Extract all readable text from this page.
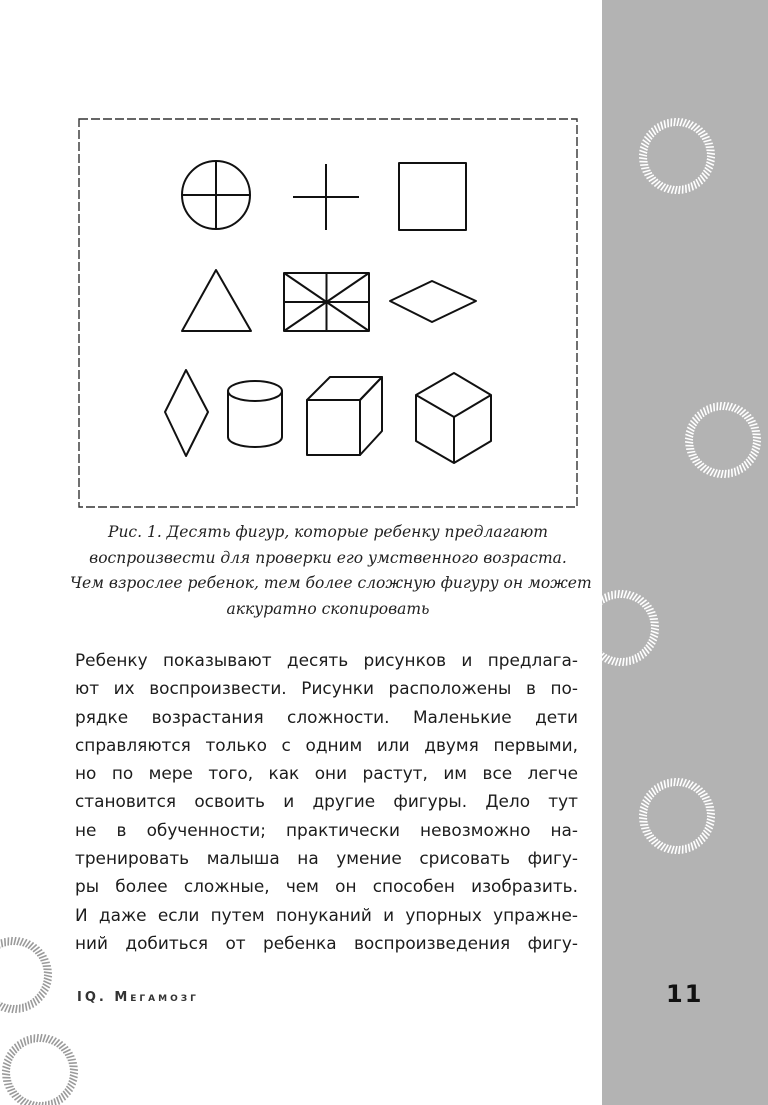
Рис. 1. Десять фигур, которые ребенку предлагают
воспроизвести для проверки его умственного возраста.
Чем взрослее ребенок, тем более сложную фигуру он может
аккуратно скопировать
Ребенку показывают десять рисунков и предлага-
ют их воспроизвести. Рисунки расположены в по-
рядке возрастания сложности. Маленькие дети
справляются только с одним или двумя первыми,
но по мере того, как они растут, им все легче
становится освоить и другие фигуры. Дело тут
не в обученности; практически невозможно на-
тренировать малыша на умение срисовать фигу-
ры более сложные, чем он способен изобразить.
И даже если путем понуканий и упорных упражне-
ний добиться от ребенка воспроизведения фигу-
IQ. Мегамозг	11
